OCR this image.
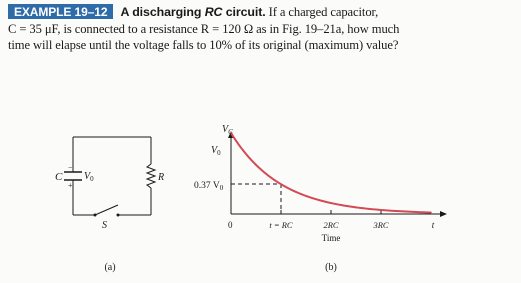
EXAMPLE 19–12 A discharging RC circuit. If a charged capacitor,
C = 35 μF, is connected to a resistance R = 120 Ω as in Fig. 19–21a, how much
time will elapse until the voltage falls to 10% of its original (maximum) value?
C
−
+
$V_0$	R
S
(a)
$V_C$
$V_0$
0.37 $V_0$
0	t = RC	2RC	3RC	t
Time
(b)
